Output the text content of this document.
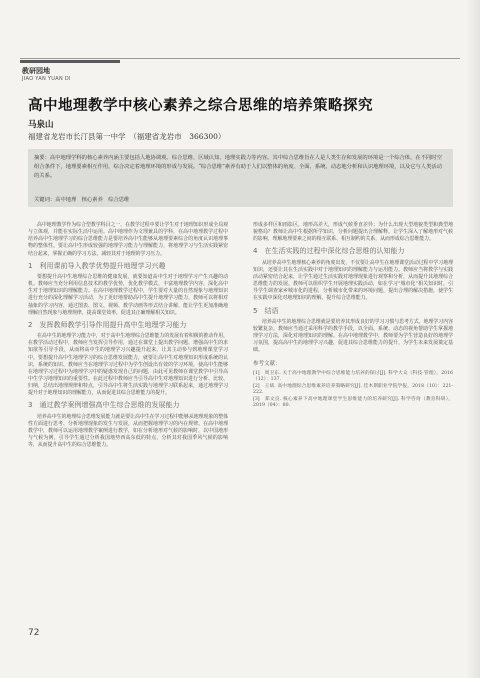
教研园地
JIAO YAN YUAN DI
高中地理教学中核心素养之综合思维的培养策略探究
马泉山
福建省龙岩市长汀县第一中学　（福建省龙岩市　366300）
摘要：高中地理学科的核心素养内涵主要包括人地协调观、综合思维、区域认知、地理实践力等内容。其中综合思维旨在人是人类生存和发展的环境是一个综合体，在不同时空组合条件下，地理要素相互作用，综合决定着地理环境的形成与发展。“综合思维”素养有助于人们以整体的角度、全面、系统、动态地分析和认识地理环境，以及它与人类活动的关系。
关键词：高中地理　核心素养　综合思维

高中地理教学作为综合型教学科目之一，在教学过程中要让学生对于地理知识形成全局观与立体观，并能在实际生活中运用。高中地理作为文理兼具的学科，在高中地理教学过程中培养高中生地理学习的综合思维能力是要培养高中生能够从地理要素综合的角度认识地理事物的整体性。要让高中生形成较强的地理学习能力与理解能力，将地理学习与生活实践紧密结合起来，掌握正确的学习方法，减轻其对于地理的学习压力。

1　利用课前导入教学优势提升地理学习兴趣

要想提升高中生地理综合思维的健康发展，就要知道高中生对于地理学习产生兴趣的动机。教师应当充分利用信息技术的教学优势，优化教学模式，丰富地理教学内容，深化高中生对于地理知识的理解能力。在高中地理教学过程中，学生要对大量的自然现象与地理知识进行充分的深化理解学习活动，为了更好地帮助高中生提升地理学习能力，教师可以将相对抽象的学习内容，通过图表、图文、视频、教学动画等形式结合讲解，能让学生更加准确地理解自然现象与地理规律，提高课堂效率，促进其正确理解相关知识。

2　发挥教师教学引导作用提升高中生地理学习能力

在高中生的地理学习能力中，对于高中生地理综合思维能力的发展有着积极的推动作用，在教学活动过程中，教师应当发挥引导作用，通过在课堂上提出教学问题、增强高中生的求知欲等引导手段，从而将高中生的地理学习兴趣提升起来，让其主动参与到地理课堂学习中。要想提升高中生地理学习的综合思维发展能力，就要让高中生对地理知识形成系统的认识，系统的知识、教师应当在地理学习过程中为学生创设出有效的学习环境，使高中生能够在地理学习过程中为地理学习中的疑惑发现自己的问题，由此可见教师在课堂教学中引导高中生学习地理知识的重要性。在此过程中教师应当引导高中生对地理知识进行分析、比较、归纳，总结出地理规律和特点，引导高中生将生活实践与地理学习联系起来，通过地理学习提升对于地理知识的理解能力，从而促进其综合思维能力的提升。

3　通过教学案例增强高中生综合思维的发展能力

培养高中生的地理综合思维发展能力就是要让高中生在学习过程中能够从地理现象的整体性方面进行思考、分析地理现象的发生与发展，从而把握地理学习的内在规律。在高中地理教学中，教师可以运用地理教学案例进行教学，如在分析地形对气候的影响时，以中国地形与气候为例，引导学生通过分析我国地势西高东低的特点，分析其对我国季风气候的影响等，从而提升高中生的综合思维能力。

形成多样区和雨影区，地形高差大，形成气候垂直差异；为什么出现大型地貌类型和典型地貌格局？教师让高中生根据所学知识，分析问题提出合理解释。让学生深入了解地形对气候的影响，理解地理要素之间的相互联系、相互制约的关系，从而形成综合思维能力。

4　在生活实践的过程中深化综合思维的认知能力

从培养高中生地理核心素养的角度出发，不仅要让高中生在地理课堂活动过程中学习地理知识，还要让其在生活实践中对于地理知识的理解能力与运用能力。教师应当将教学与实践活动紧密结合起来，让学生通过生活实践对地理现象进行观察和分析，从而提升其地理综合思维能力的发展。教师可以组织学生开展地理实践活动，如在学习“城市化”相关知识时，引导学生调查家乡城市化的进程，分析城市化带来的环境问题，提出合理的解决措施，使学生在实践中深化对地理知识的理解，提升综合思维能力。

5　结语

培养高中生的地理综合思维就是要培养其形成良好的学习习惯与思考方式，地理学习内容较繁复杂。教师应当通过采用科学的教学手段，以全面、系统、动态的视角帮助学生掌握地理学习方法，深化对地理知识的理解。在高中地理教学中，教师要为学生营造良好的地理学习氛围，提高高中生的地理学习兴趣，促进其综合思维能力的提升，为学生未来发展奠定基础。

参考文献：

[1]　周卫东. 关于高中地理教学中综合思维能力培养的探讨[J]. 科学大众（科技·管理），2016（12）：137.

[2]　王斌. 高中地理综合思维素养培养策略研究[J]. 佳木斯职业学院学报，2018（10）：221-222.

[3]　郑文良. 核心素养下高中地理课堂学生思维能力的培养研究[J]. 科学咨询（教育科研），2019（04）：80.

72
